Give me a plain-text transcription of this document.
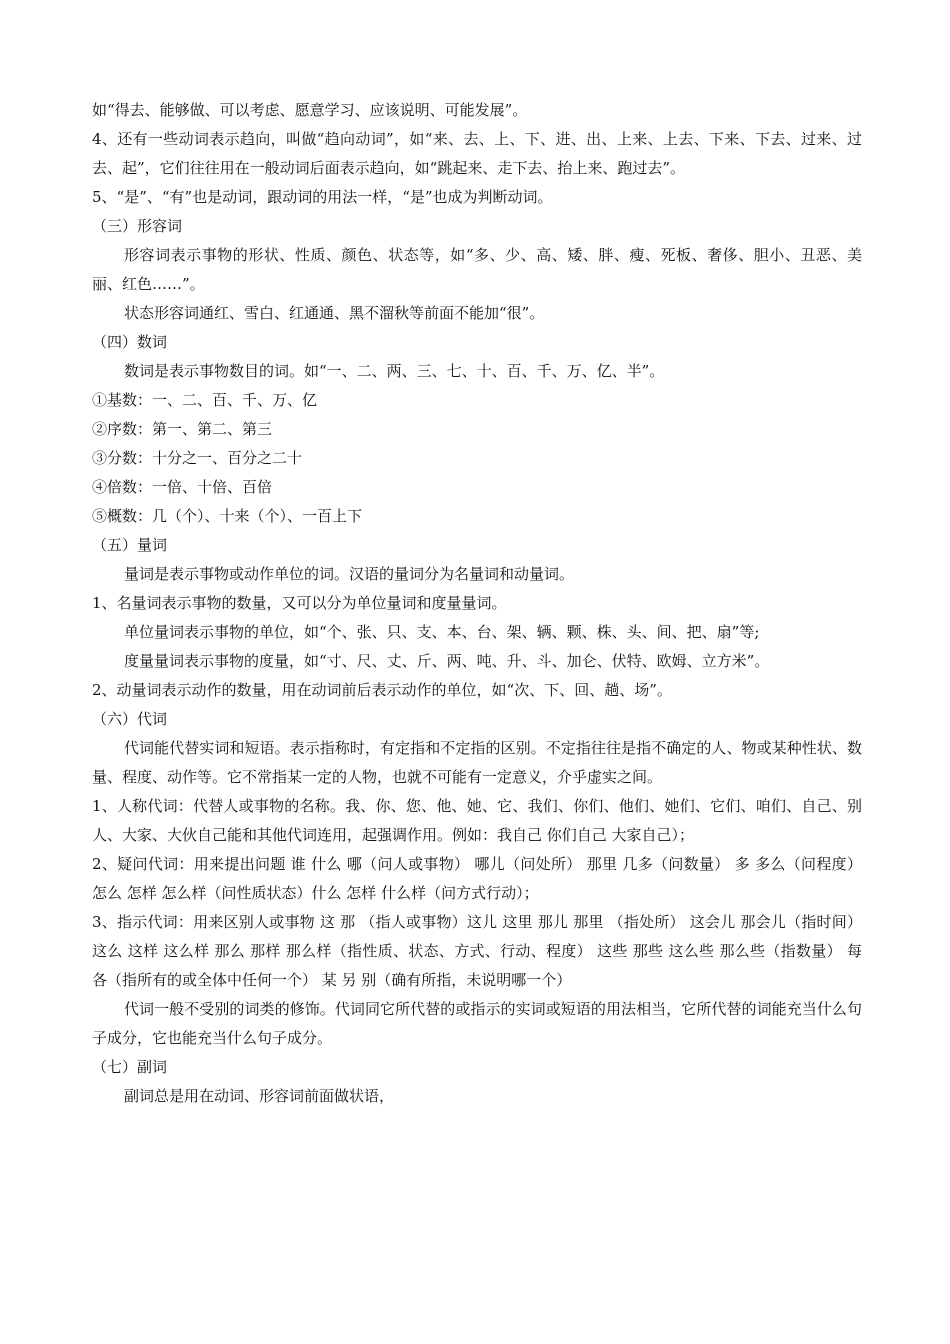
如“得去、能够做、可以考虑、愿意学习、应该说明、可能发展”。

4、还有一些动词表示趋向，叫做“趋向动词”，如“来、去、上、下、进、出、上来、上去、下来、下去、过来、过去、起”，它们往往用在一般动词后面表示趋向，如“跳起来、走下去、抬上来、跑过去”。

5、“是”、“有”也是动词，跟动词的用法一样，“是”也成为判断动词。

（三）形容词

形容词表示事物的形状、性质、颜色、状态等，如“多、少、高、矮、胖、瘦、死板、奢侈、胆小、丑恶、美丽、红色……”。

状态形容词通红、雪白、红通通、黑不溜秋等前面不能加“很”。

（四）数词

数词是表示事物数目的词。如“一、二、两、三、七、十、百、千、万、亿、半”。

①基数：一、二、百、千、万、亿

②序数：第一、第二、第三

③分数：十分之一、百分之二十

④倍数：一倍、十倍、百倍

⑤概数：几（个）、十来（个）、一百上下

（五）量词

量词是表示事物或动作单位的词。汉语的量词分为名量词和动量词。

1、名量词表示事物的数量，又可以分为单位量词和度量量词。

单位量词表示事物的单位，如“个、张、只、支、本、台、架、辆、颗、株、头、间、把、扇”等;

度量量词表示事物的度量，如“寸、尺、丈、斤、两、吨、升、斗、加仑、伏特、欧姆、立方米”。

2、动量词表示动作的数量，用在动词前后表示动作的单位，如“次、下、回、趟、场”。

（六）代词

代词能代替实词和短语。表示指称时，有定指和不定指的区别。不定指往往是指不确定的人、物或某种性状、数量、程度、动作等。它不常指某一定的人物，也就不可能有一定意义，介乎虚实之间。

1、人称代词：代替人或事物的名称。我、你、您、他、她、它、我们、你们、他们、她们、它们、咱们、自己、别人、大家、大伙自己能和其他代词连用，起强调作用。例如：我自己 你们自己 大家自己）；

2、疑问代词：用来提出问题 谁 什么 哪（问人或事物） 哪儿（问处所） 那里 几多（问数量） 多 多么（问程度） 怎么 怎样 怎么样（问性质状态）什么 怎样 什么样（问方式行动）；

3、指示代词：用来区别人或事物 这 那 （指人或事物）这儿 这里 那儿 那里 （指处所） 这会儿 那会儿（指时间） 这么 这样 这么样 那么 那样 那么样（指性质、状态、方式、行动、程度） 这些 那些 这么些 那么些（指数量） 每 各（指所有的或全体中任何一个） 某 另 别（确有所指，未说明哪一个）

代词一般不受别的词类的修饰。代词同它所代替的或指示的实词或短语的用法相当，它所代替的词能充当什么句子成分，它也能充当什么句子成分。

（七）副词

副词总是用在动词、形容词前面做状语，
